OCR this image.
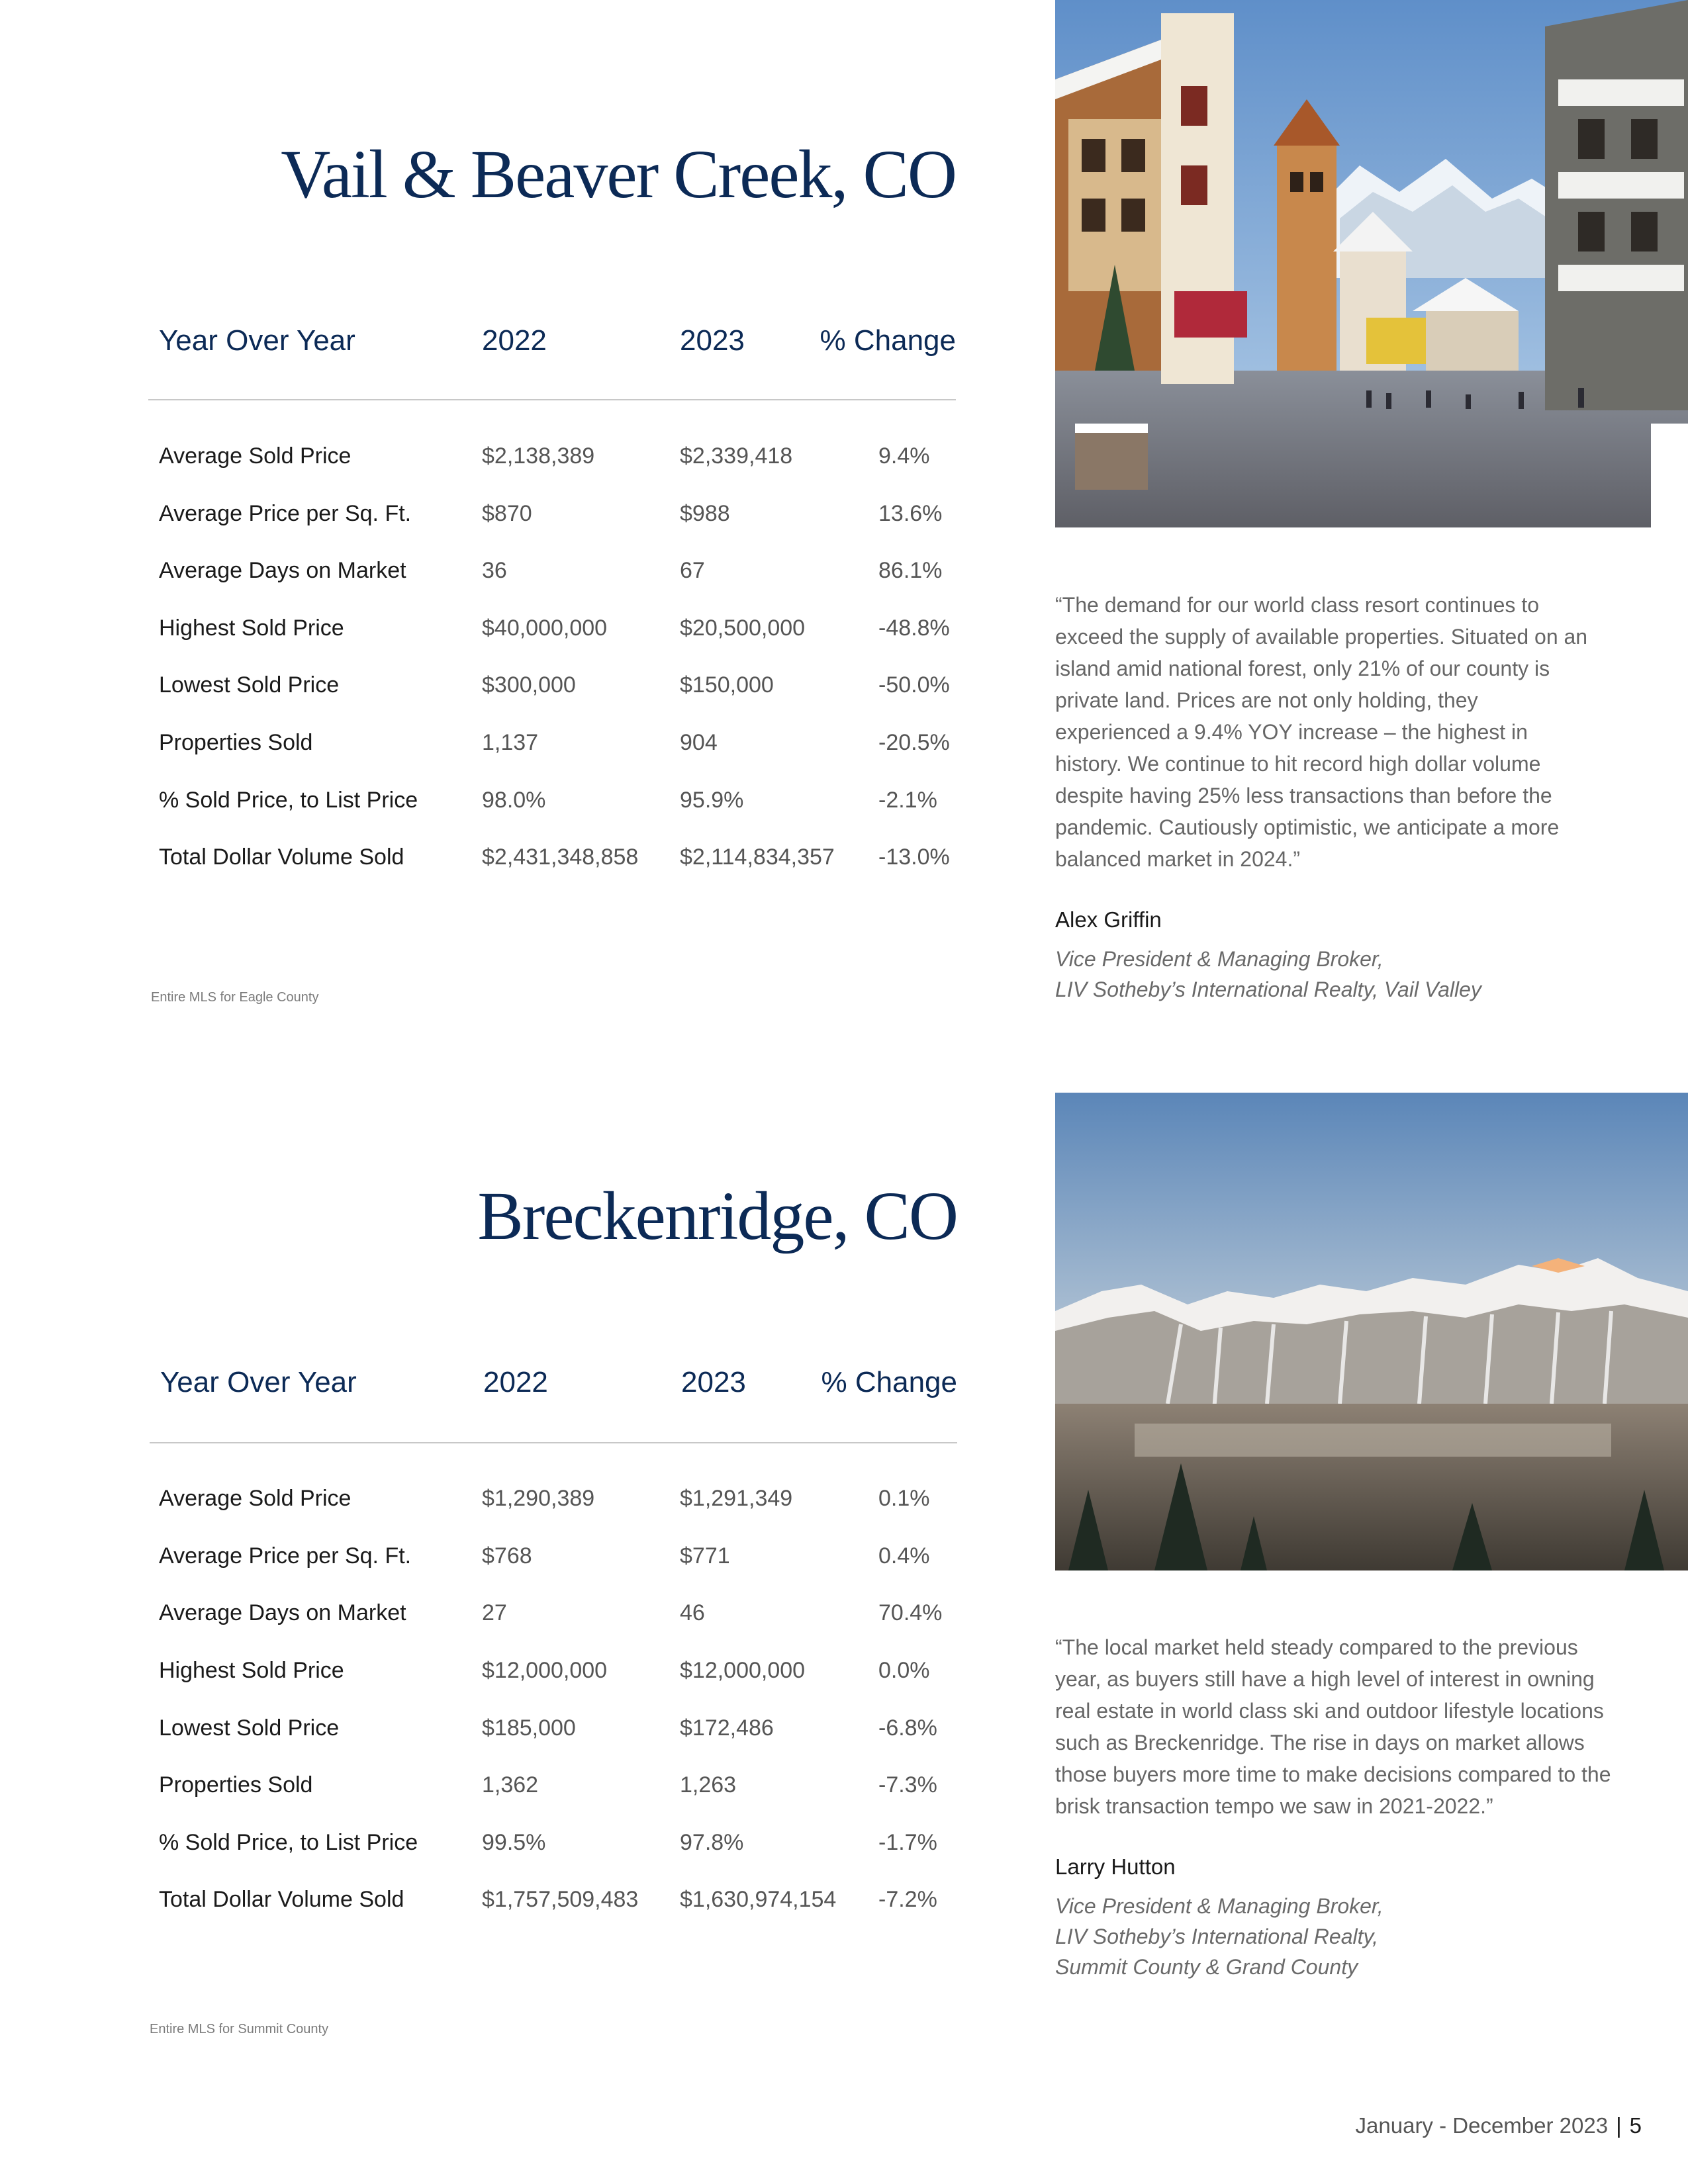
Vail & Beaver Creek, CO
Year Over Year	2022	2023	% Change
Average Sold Price	$2,138,389	$2,339,418	9.4%
Average Price per Sq. Ft.	$870	$988	13.6%
Average Days on Market	36	67	86.1%
Highest Sold Price	$40,000,000	$20,500,000	-48.8%
Lowest Sold Price	$300,000	$150,000	-50.0%
Properties Sold	1,137	904	-20.5%
% Sold Price, to List Price	98.0%	95.9%	-2.1%
Total Dollar Volume Sold	$2,431,348,858 $2,114,834,357 -13.0%
Entire MLS for Eagle County

“The demand for our world class resort continues to exceed the supply of available properties. Situated on an island amid national forest, only 21% of our county is private land. Prices are not only holding, they experienced a 9.4% YOY increase – the highest in history. We continue to hit record high dollar volume despite having 25% less transactions than before the pandemic. Cautiously optimistic, we anticipate a more balanced market in 2024.”

Alex Griffin

Vice President & Managing Broker,
LIV Sotheby’s International Realty, Vail Valley

Breckenridge, CO
Year Over Year	2022	2023	% Change
Average Sold Price	$1,290,389	$1,291,349	0.1%
Average Price per Sq. Ft.	$768	$771	0.4%
Average Days on Market	27	46	70.4%
Highest Sold Price	$12,000,000	$12,000,000	0.0%
Lowest Sold Price	$185,000	$172,486	-6.8%
Properties Sold	1,362	1,263	-7.3%
% Sold Price, to List Price	99.5%	97.8%	-1.7%
Total Dollar Volume Sold	$1,757,509,483 $1,630,974,154 -7.2%
Entire MLS for Summit County

“The local market held steady compared to the previous year, as buyers still have a high level of interest in owning real estate in world class ski and outdoor lifestyle locations such as Breckenridge. The rise in days on market allows those buyers more time to make decisions compared to the brisk transaction tempo we saw in 2021-2022.”

Larry Hutton

Vice President & Managing Broker,
LIV Sotheby’s International Realty,
Summit County & Grand County

January - December 2023 | 5
